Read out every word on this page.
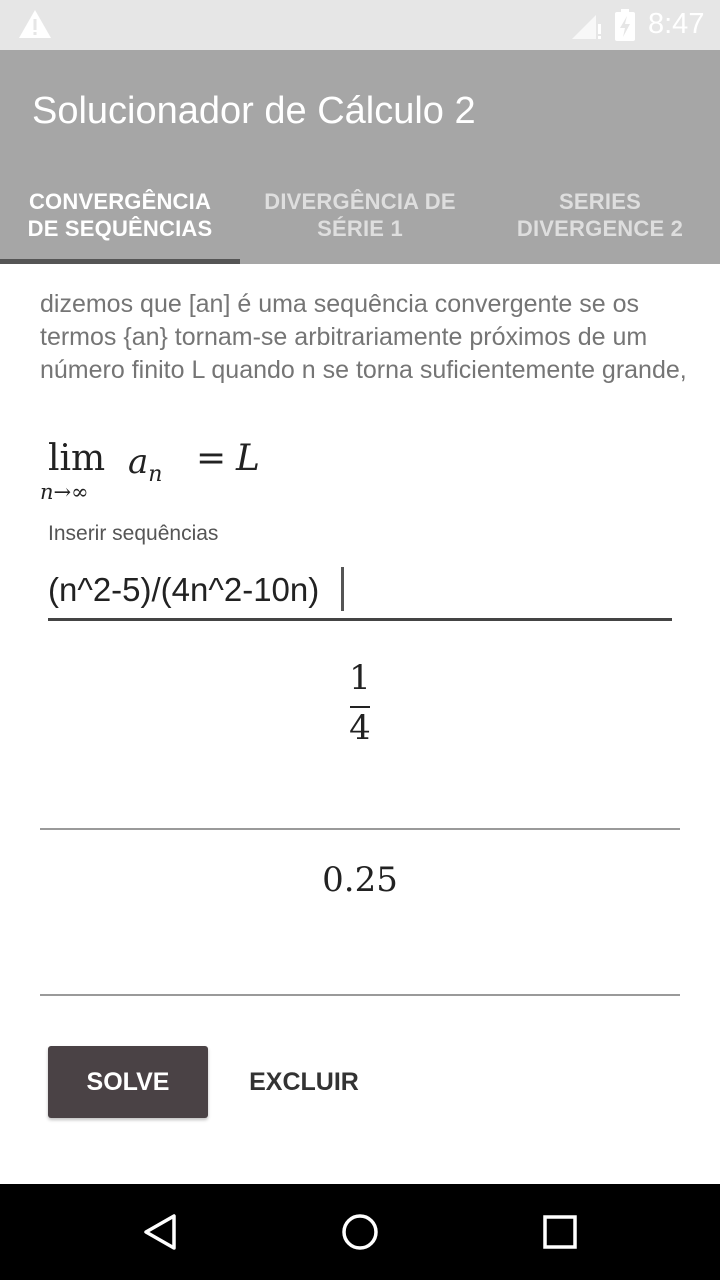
8:47
Solucionador de Cálculo 2
CONVERGÊNCIA
DE SEQUÊNCIAS
DIVERGÊNCIA DE
SÉRIE 1
SERIES
DIVERGENCE 2

dizemos que [an] é uma sequência convergente se os termos {an} tornam-se arbitrariamente próximos de um número finito L quando n se torna suficientemente grande,

lim
n→∞
$a_n = L$
Inserir sequências
(n^2-5)/(4n^2-10n)
1
4
0.25
SOLVE	EXCLUIR
